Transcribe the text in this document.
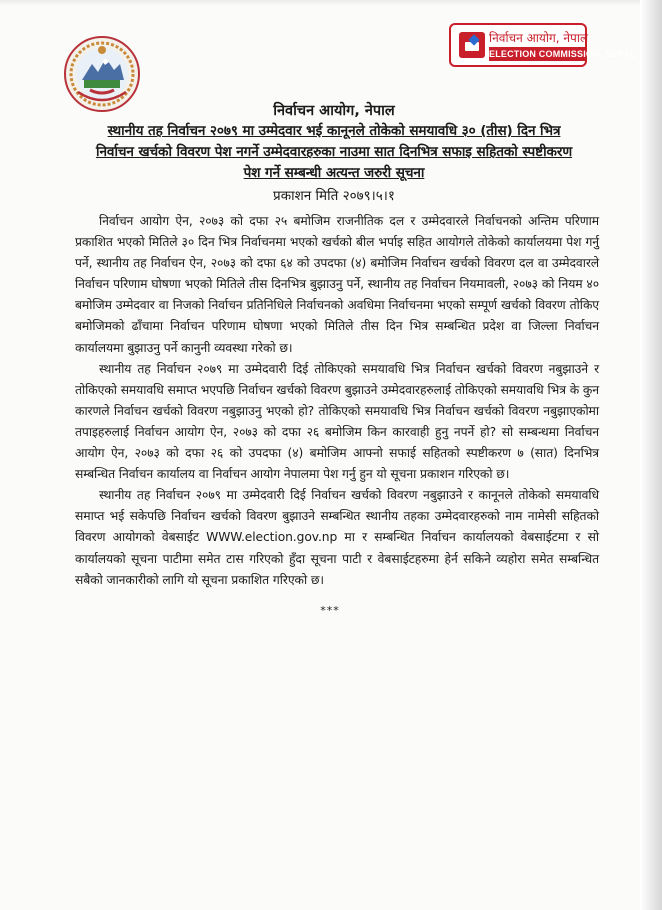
निर्वाचन आयोग, नेपाल
ELECTION COMMISSION, NEPAL
निर्वाचन आयोग, नेपाल
स्थानीय तह निर्वाचन २०७९ मा उम्मेदवार भई कानूनले तोकेको समयावधि ३० (तीस) दिन भित्र
निर्वाचन खर्चको विवरण पेश नगर्ने उम्मेदवारहरुका नाउमा सात दिनभित्र सफाइ सहितको स्पष्टीकरण
पेश गर्ने सम्बन्धी अत्यन्त जरुरी सूचना
प्रकाशन मिति २०७९।५।१

निर्वाचन आयोग ऐन, २०७३ को दफा २५ बमोजिम राजनीतिक दल र उम्मेदवारले निर्वाचनको अन्तिम परिणाम प्रकाशित भएको मितिले ३० दिन भित्र निर्वाचनमा भएको खर्चको बील भर्पाइ सहित आयोगले तोकेको कार्यालयमा पेश गर्नु पर्ने, स्थानीय तह निर्वाचन ऐन, २०७३ को दफा ६४ को उपदफा (४) बमोजिम निर्वाचन खर्चको विवरण दल वा उम्मेदवारले निर्वाचन परिणाम घोषणा भएको मितिले तीस दिनभित्र बुझाउनु पर्ने, स्थानीय तह निर्वाचन नियमावली, २०७३ को नियम ४० बमोजिम उम्मेदवार वा निजको निर्वाचन प्रतिनिधिले निर्वाचनको अवधिमा निर्वाचनमा भएको सम्पूर्ण खर्चको विवरण तोकिए बमोजिमको ढाँचामा निर्वाचन परिणाम घोषणा भएको मितिले तीस दिन भित्र सम्बन्धित प्रदेश वा जिल्ला निर्वाचन कार्यालयमा बुझाउनु पर्ने कानुनी व्यवस्था गरेको छ।

स्थानीय तह निर्वाचन २०७९ मा उम्मेदवारी दिई तोकिएको समयावधि भित्र निर्वाचन खर्चको विवरण नबुझाउने र तोकिएको समयावधि समाप्त भएपछि निर्वाचन खर्चको विवरण बुझाउने उम्मेदवारहरुलाई तोकिएको समयावधि भित्र के कुन कारणले निर्वाचन खर्चको विवरण नबुझाउनु भएको हो? तोकिएको समयावधि भित्र निर्वाचन खर्चको विवरण नबुझाएकोमा तपाइहरुलाई निर्वाचन आयोग ऐन, २०७३ को दफा २६ बमोजिम किन कारवाही हुनु नपर्ने हो? सो सम्बन्धमा निर्वाचन आयोग ऐन, २०७३ को दफा २६ को उपदफा (४) बमोजिम आफ्नो सफाई सहितको स्पष्टीकरण ७ (सात) दिनभित्र सम्बन्धित निर्वाचन कार्यालय वा निर्वाचन आयोग नेपालमा पेश गर्नु हुन यो सूचना प्रकाशन गरिएको छ।

स्थानीय तह निर्वाचन २०७९ मा उम्मेदवारी दिई निर्वाचन खर्चको विवरण नबुझाउने र कानूनले तोकेको समयावधि समाप्त भई सकेपछि निर्वाचन खर्चको विवरण बुझाउने सम्बन्धित स्थानीय तहका उम्मेदवारहरुको नाम नामेसी सहितको विवरण आयोगको वेबसाईट WWW.election.gov.np मा र सम्बन्धित निर्वाचन कार्यालयको वेबसाईटमा र सो कार्यालयको सूचना पाटीमा समेत टास गरिएको हुँदा सूचना पाटी र वेबसाईटहरुमा हेर्न सकिने व्यहोरा समेत सम्बन्धित सबैको जानकारीको लागि यो सूचना प्रकाशित गरिएको छ।

***
